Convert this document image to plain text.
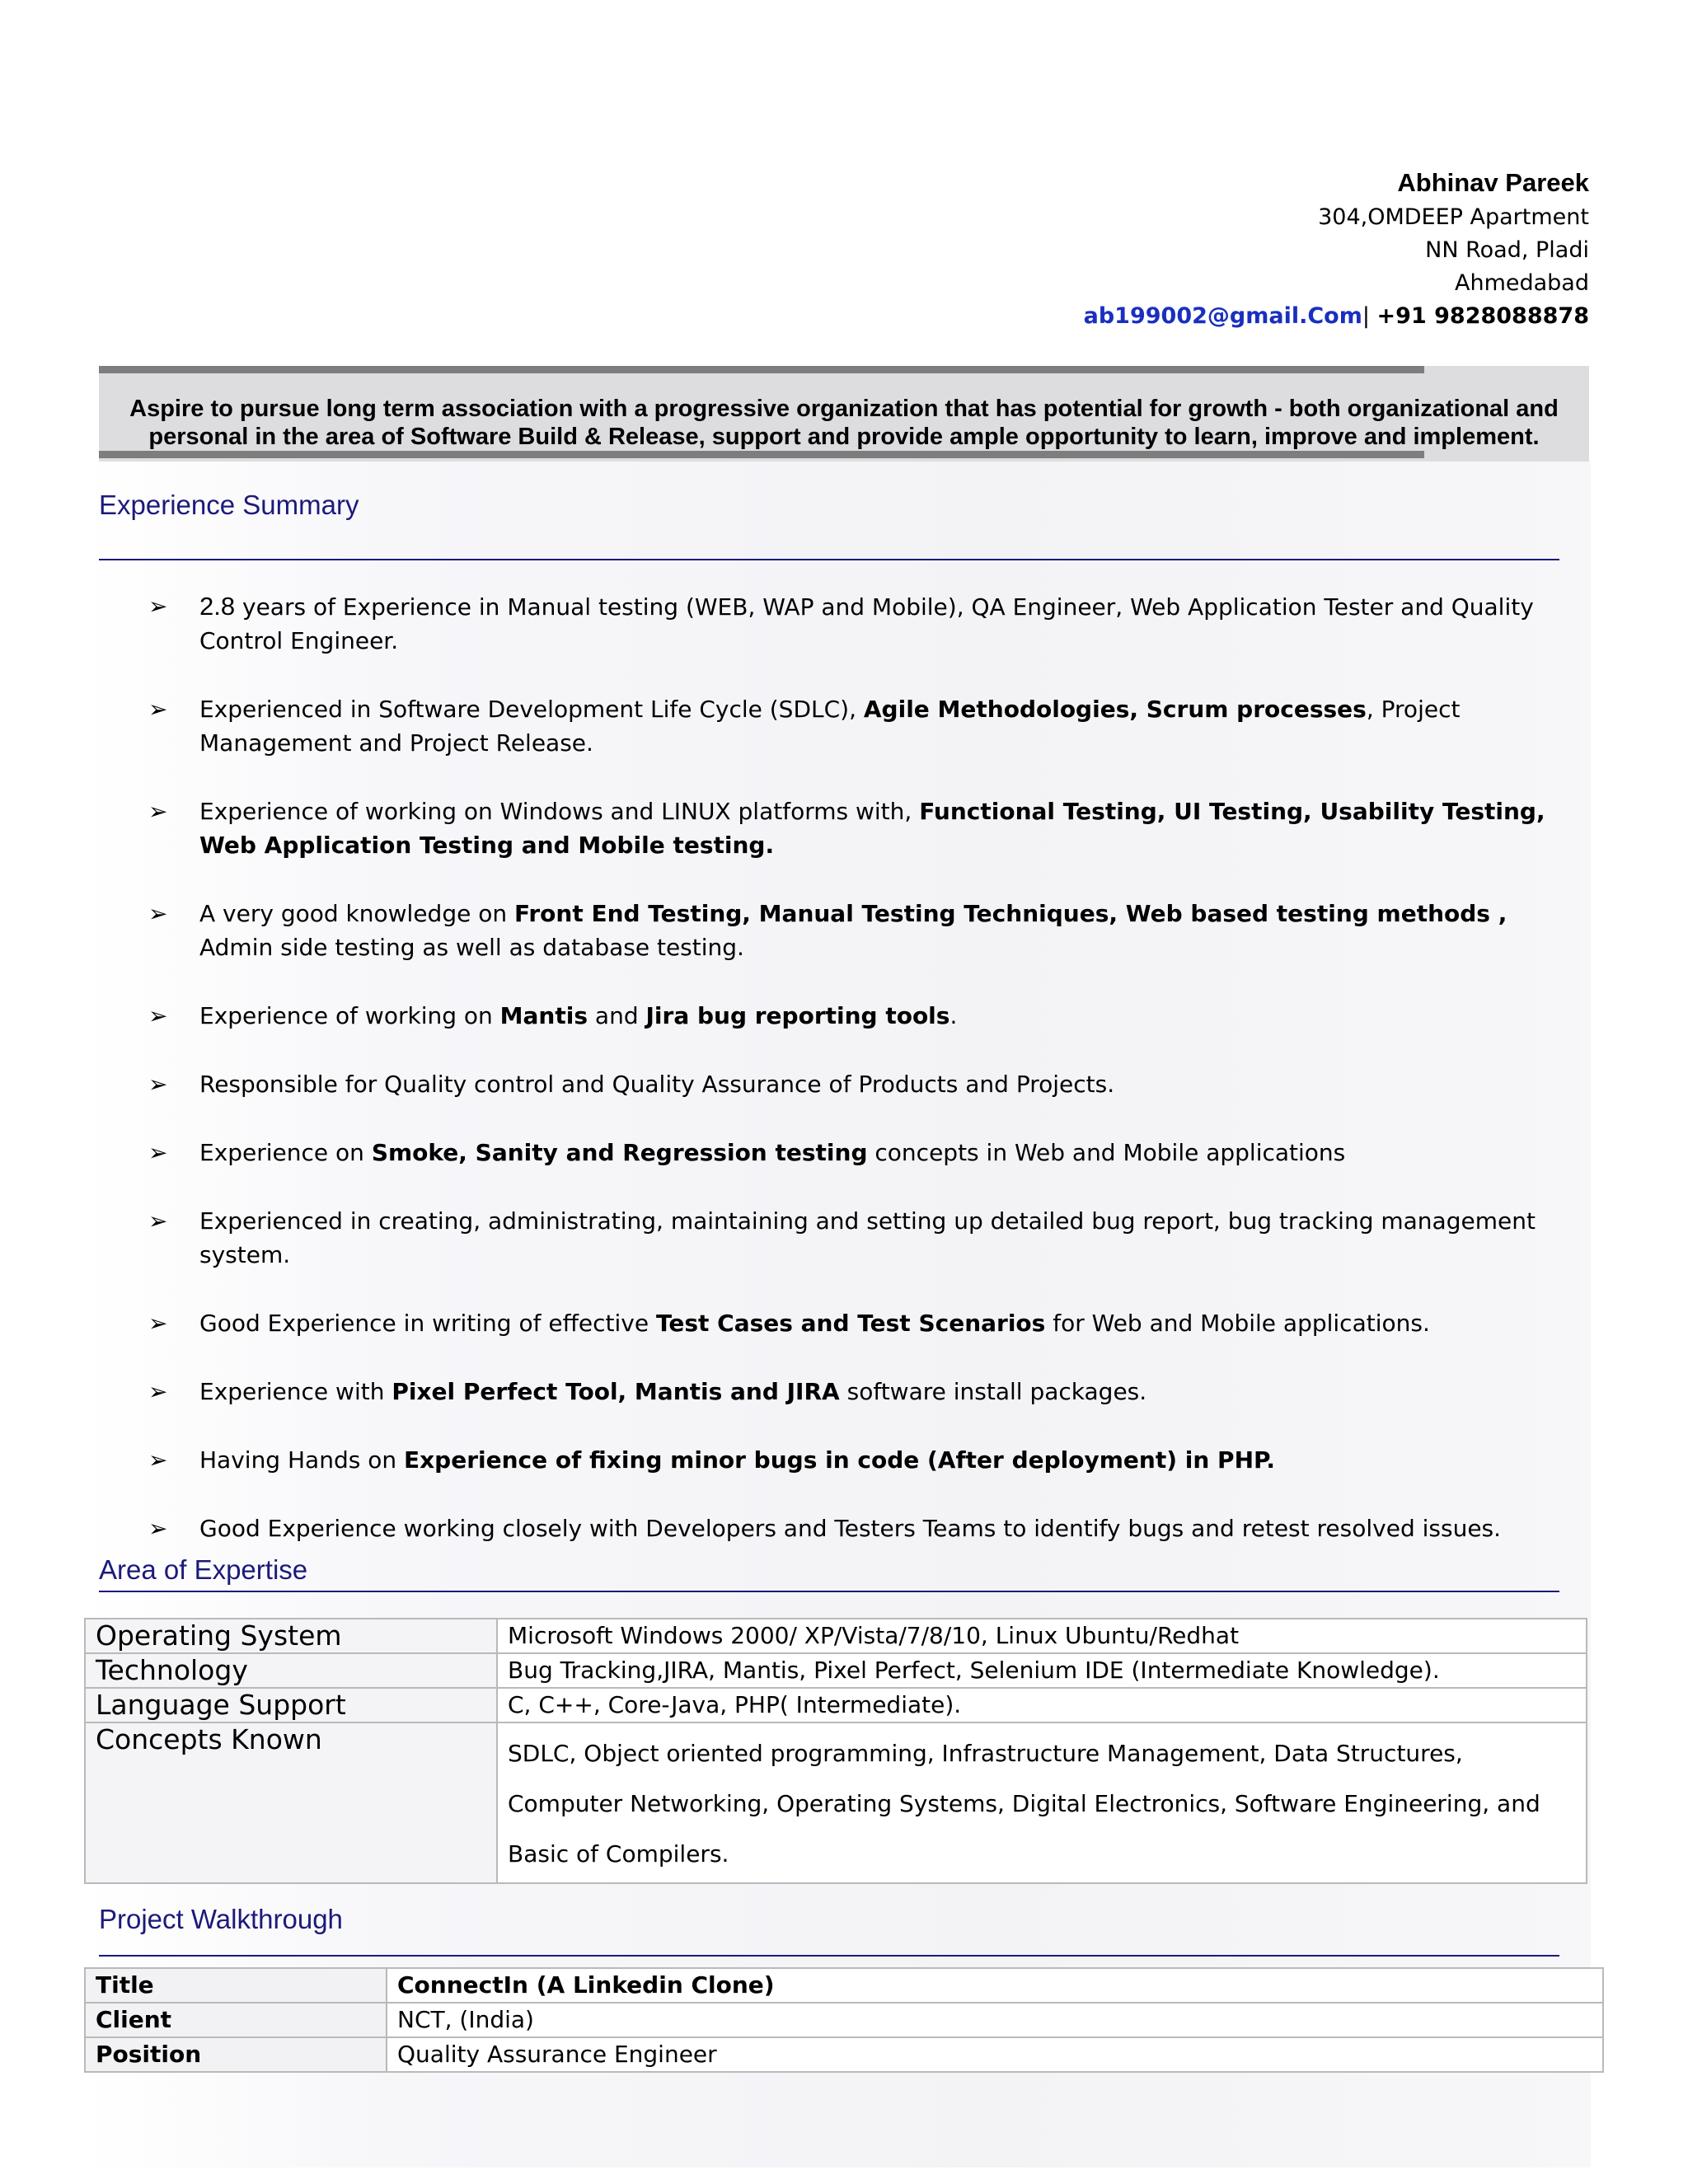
Abhinav Pareek
304,OMDEEP Apartment
NN Road, Pladi
Ahmedabad
ab199002@gmail.Com| +91 9828088878
Aspire to pursue long term association with a progressive organization that has potential for growth - both organizational and
personal in the area of Software Build & Release, support and provide ample opportunity to learn, improve and implement.
Experience Summary
➢ 2.8 years of Experience in Manual testing (WEB, WAP and Mobile), QA Engineer, Web Application Tester and Quality Control Engineer.
➢ Experienced in Software Development Life Cycle (SDLC), Agile Methodologies, Scrum processes, Project Management and Project Release.
➢ Experience of working on Windows and LINUX platforms with, Functional Testing, UI Testing, Usability Testing, Web Application Testing and Mobile testing.
➢ A very good knowledge on Front End Testing, Manual Testing Techniques, Web based testing methods , Admin side testing as well as database testing.
➢ Experience of working on Mantis and Jira bug reporting tools.
➢ Responsible for Quality control and Quality Assurance of Products and Projects.
➢ Experience on Smoke, Sanity and Regression testing concepts in Web and Mobile applications
➢ Experienced in creating, administrating, maintaining and setting up detailed bug report, bug tracking management system.
➢ Good Experience in writing of effective Test Cases and Test Scenarios for Web and Mobile applications.
➢ Experience with Pixel Perfect Tool, Mantis and JIRA software install packages.
➢ Having Hands on Experience of fixing minor bugs in code (After deployment) in PHP.
➢ Good Experience working closely with Developers and Testers Teams to identify bugs and retest resolved issues.
Area of Expertise
Operating System	Microsoft Windows 2000/ XP/Vista/7/8/10, Linux Ubuntu/Redhat
Technology	Bug Tracking,JIRA, Mantis, Pixel Perfect, Selenium IDE (Intermediate Knowledge).
Language Support	C, C++, Core-Java, PHP( Intermediate).
Concepts Known	SDLC, Object oriented programming, Infrastructure Management, Data Structures, Computer Networking, Operating Systems, Digital Electronics, Software Engineering, and Basic of Compilers.
Project Walkthrough
Title	ConnectIn (A Linkedin Clone)
Client	NCT, (India)
Position	Quality Assurance Engineer
